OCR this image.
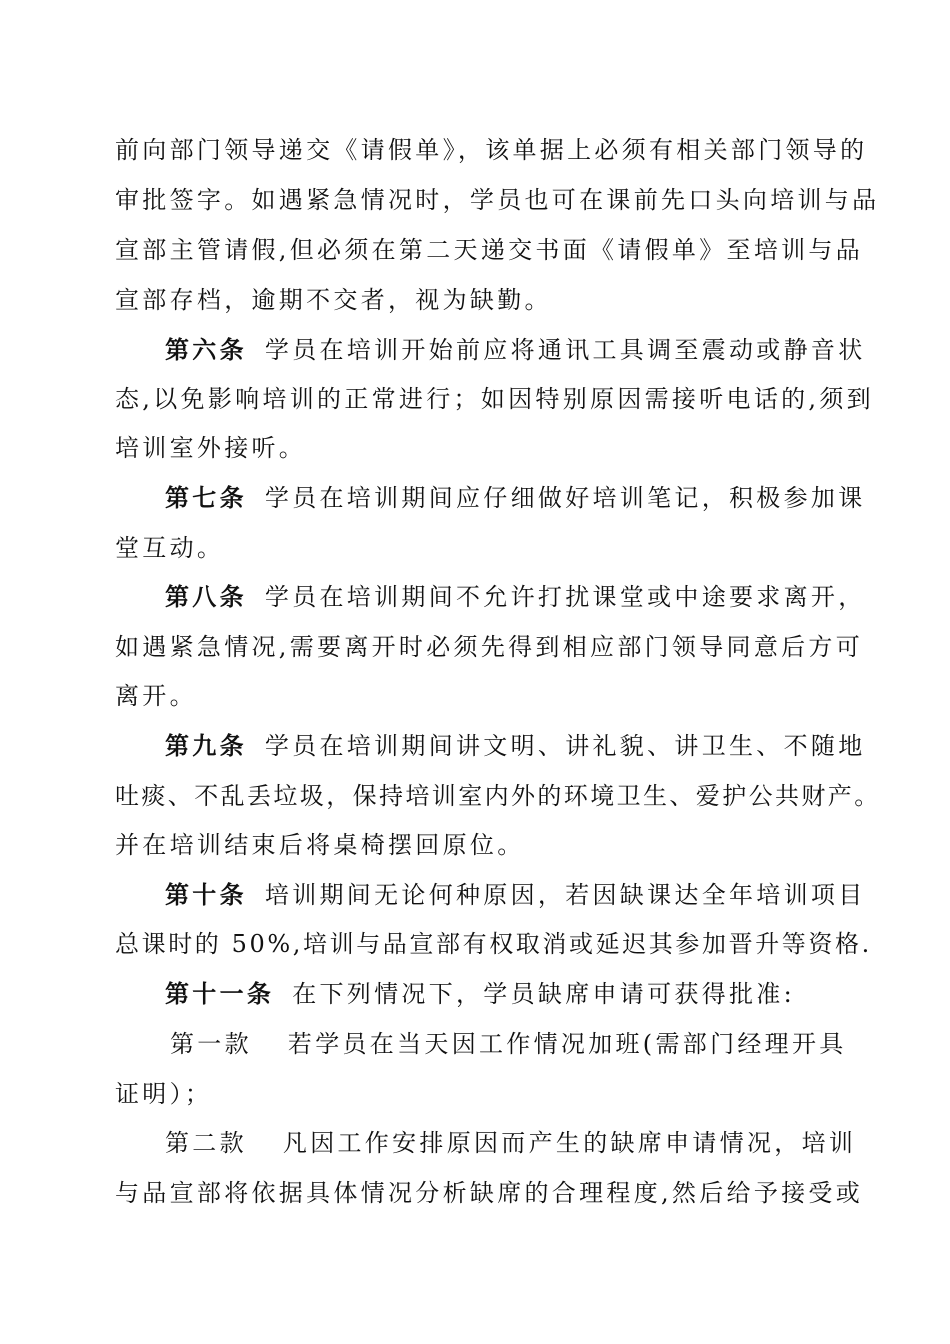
前向部门领导递交《请假单》，该单据上必须有相关部门领导的
审批签字。如遇紧急情况时，学员也可在课前先口头向培训与品
宣部主管请假,但必须在第二天递交书面《请假单》至培训与品
宣部存档，逾期不交者，视为缺勤。
第六条 学员在培训开始前应将通讯工具调至震动或静音状
态,以免影响培训的正常进行；如因特别原因需接听电话的,须到
培训室外接听。
第七条 学员在培训期间应仔细做好培训笔记，积极参加课
堂互动。
第八条 学员在培训期间不允许打扰课堂或中途要求离开，
如遇紧急情况,需要离开时必须先得到相应部门领导同意后方可
离开。
第九条 学员在培训期间讲文明、讲礼貌、讲卫生、不随地
吐痰、不乱丢垃圾，保持培训室内外的环境卫生、爱护公共财产。
并在培训结束后将桌椅摆回原位。
第十条 培训期间无论何种原因，若因缺课达全年培训项目
总课时的 50%,培训与品宣部有权取消或延迟其参加晋升等资格.
第十一条 在下列情况下，学员缺席申请可获得批准:
第一款 若学员在当天因工作情况加班(需部门经理开具
证明）；
第二款 凡因工作安排原因而产生的缺席申请情况，培训
与品宣部将依据具体情况分析缺席的合理程度,然后给予接受或
